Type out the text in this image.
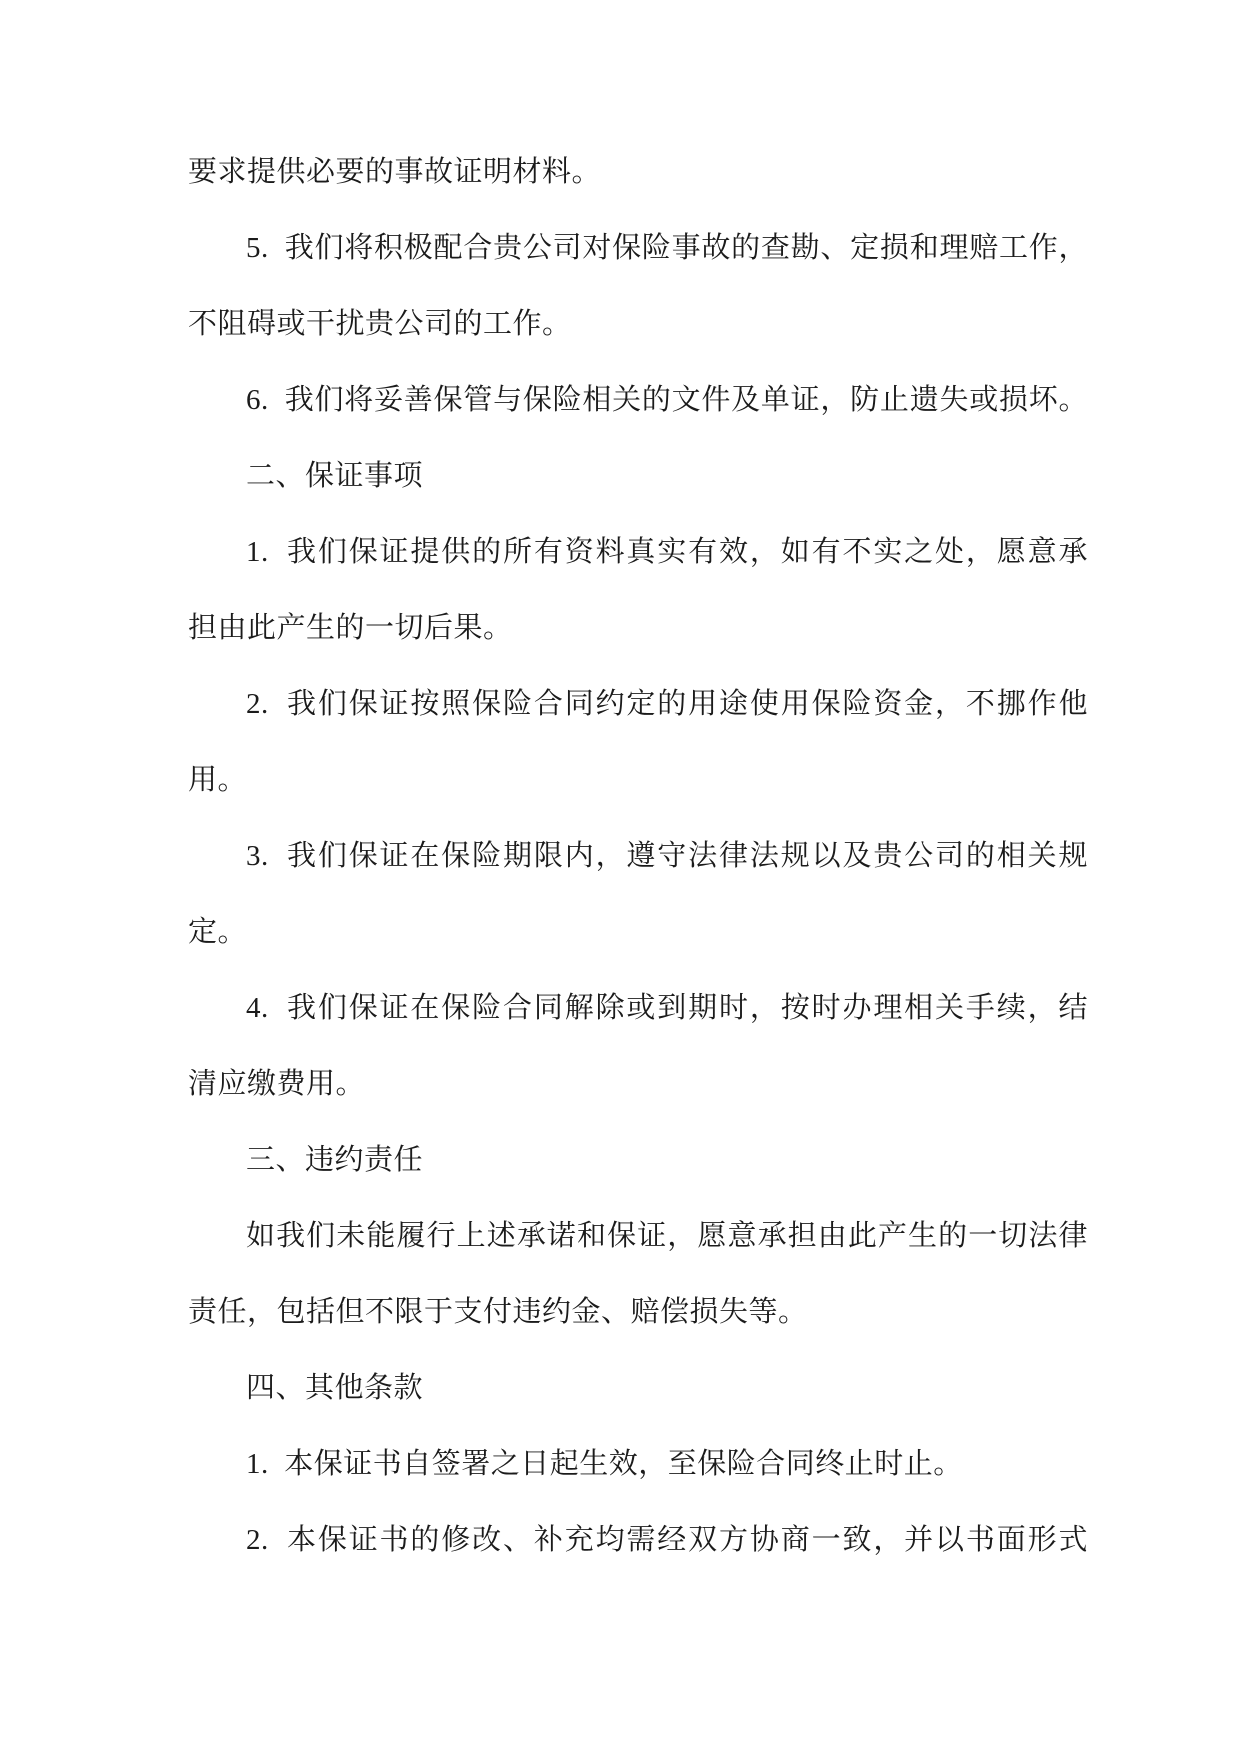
要求提供必要的事故证明材料。
5.  我们将积极配合贵公司对保险事故的查勘、定损和理赔工作，
不阻碍或干扰贵公司的工作。
6.  我们将妥善保管与保险相关的文件及单证，防止遗失或损坏。
二、保证事项
1.  我们保证提供的所有资料真实有效，如有不实之处，愿意承
担由此产生的一切后果。
2.  我们保证按照保险合同约定的用途使用保险资金，不挪作他
用。
3.  我们保证在保险期限内，遵守法律法规以及贵公司的相关规
定。
4.  我们保证在保险合同解除或到期时，按时办理相关手续，结
清应缴费用。
三、违约责任
如我们未能履行上述承诺和保证，愿意承担由此产生的一切法律
责任，包括但不限于支付违约金、赔偿损失等。
四、其他条款
1.  本保证书自签署之日起生效，至保险合同终止时止。
2.  本保证书的修改、补充均需经双方协商一致，并以书面形式
